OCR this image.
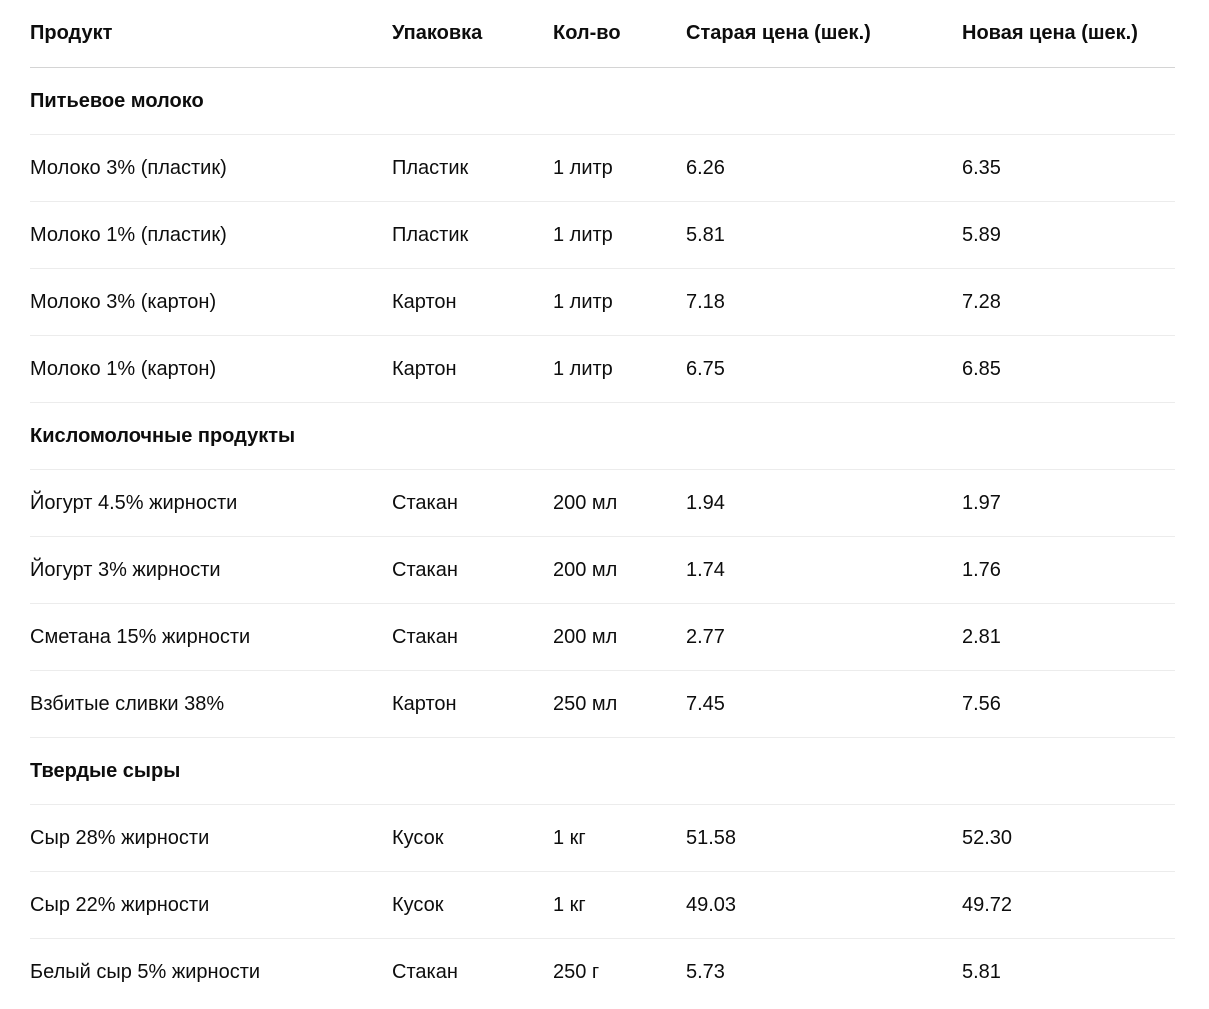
Продукт	Упаковка	Кол-во	Старая цена (шек.)	Новая цена (шек.)
Питьевое молоко				
Молоко 3% (пластик)	Пластик	1 литр	6.26	6.35
Молоко 1% (пластик)	Пластик	1 литр	5.81	5.89
Молоко 3% (картон)	Картон	1 литр	7.18	7.28
Молоко 1% (картон)	Картон	1 литр	6.75	6.85
Кисломолочные продукты				
Йогурт 4.5% жирности	Стакан	200 мл	1.94	1.97
Йогурт 3% жирности	Стакан	200 мл	1.74	1.76
Сметана 15% жирности	Стакан	200 мл	2.77	2.81
Взбитые сливки 38%	Картон	250 мл	7.45	7.56
Твердые сыры				
Сыр 28% жирности	Кусок	1 кг	51.58	52.30
Сыр 22% жирности	Кусок	1 кг	49.03	49.72
Белый сыр 5% жирности	Стакан	250 г	5.73	5.81
